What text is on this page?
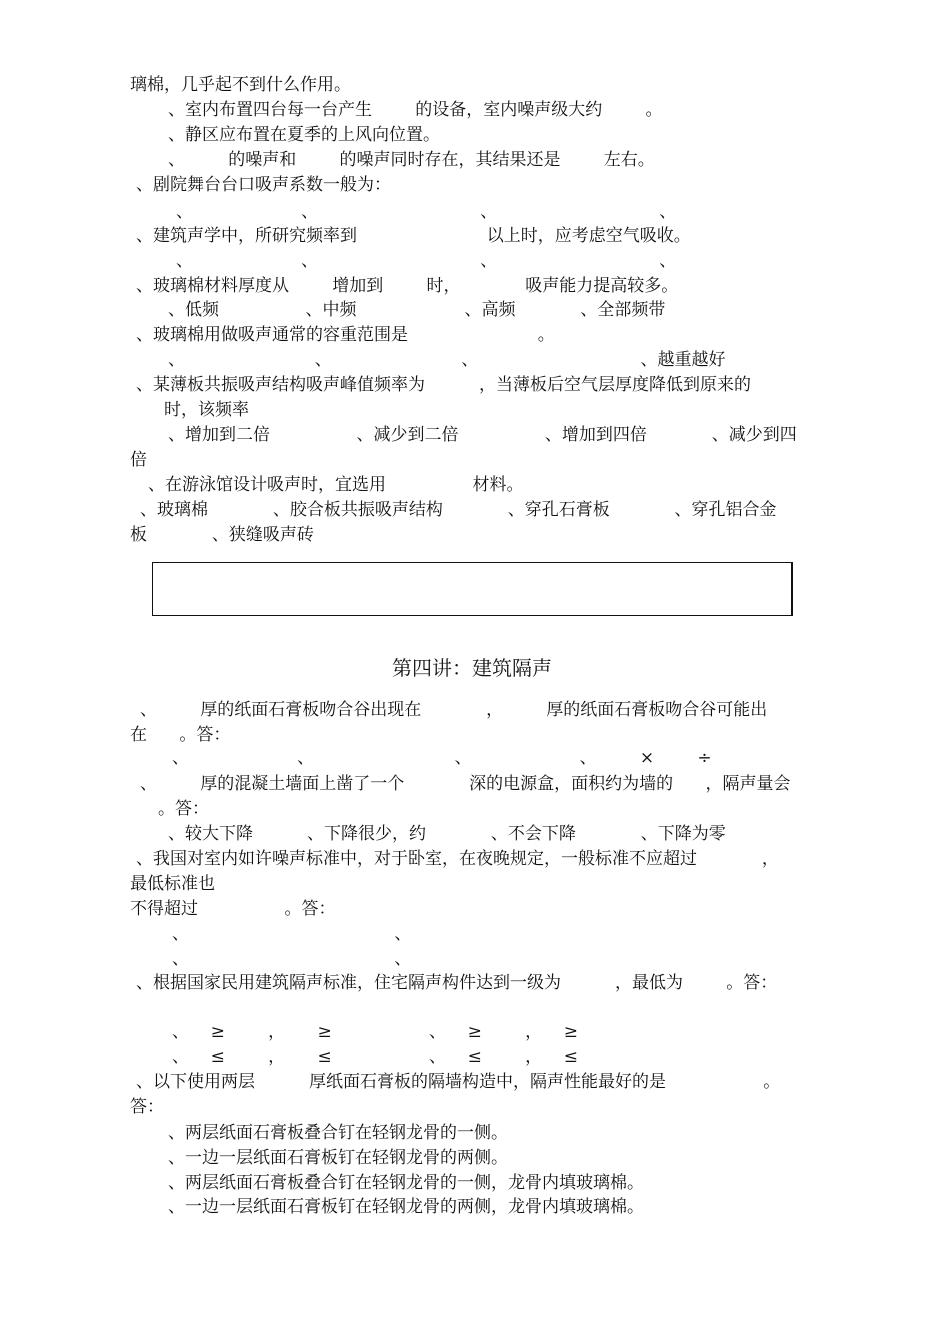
璃棉，几乎起不到什么作用。
、室内布置四台每一台产生        的设备，室内噪声级大约        。
、静区应布置在夏季的上风向位置。
、        的噪声和        的噪声同时存在，其结果还是        左右。
、剧院舞台台口吸声系数一般为：
、                    、                              、                              、
、建筑声学中，所研究频率到                        以上时，应考虑空气吸收。
、                    、                              、                              、
、玻璃棉材料厚度从        增加到        时，            吸声能力提高较多。
、低频                、中频                    、高频            、全部频带
、玻璃棉用做吸声通常的容重范围是                        。
、                        、                        、                              、越重越好
、某薄板共振吸声结构吸声峰值频率为          ，当薄板后空气层厚度降低到原来的
时，该频率
、增加到二倍                、减少到二倍                、增加到四倍            、减少到四
倍
、在游泳馆设计吸声时，宜选用                材料。
、玻璃棉            、胶合板共振吸声结构            、穿孔石膏板            、穿孔铝合金
板            、狭缝吸声砖
第四讲：建筑隔声
、        厚的纸面石膏板吻合谷出现在            ，        厚的纸面石膏板吻合谷可能出
在      。答：
、                    、                          、                    、        ×        ÷
、        厚的混凝土墙面上凿了一个            深的电源盒，面积约为墙的      ，隔声量会
。答：
、较大下降          、下降很少，约            、不会下降            、下降为零
、我国对室内如许噪声标准中，对于卧室，在夜晚规定，一般标准不应超过            ，
最低标准也
不得超过                。答：
、                                      、
、                                      、
、根据国家民用建筑隔声标准，住宅隔声构件达到一级为          ，最低为        。答：
、    ≥        ，      ≥                  、    ≥        ，    ≥
、    ≤        ，      ≤                  、    ≤        ，    ≤
、以下使用两层          厚纸面石膏板的隔墙构造中，隔声性能最好的是                  。
答：
、两层纸面石膏板叠合钉在轻钢龙骨的一侧。
、一边一层纸面石膏板钉在轻钢龙骨的两侧。
、两层纸面石膏板叠合钉在轻钢龙骨的一侧，龙骨内填玻璃棉。
、一边一层纸面石膏板钉在轻钢龙骨的两侧，龙骨内填玻璃棉。
